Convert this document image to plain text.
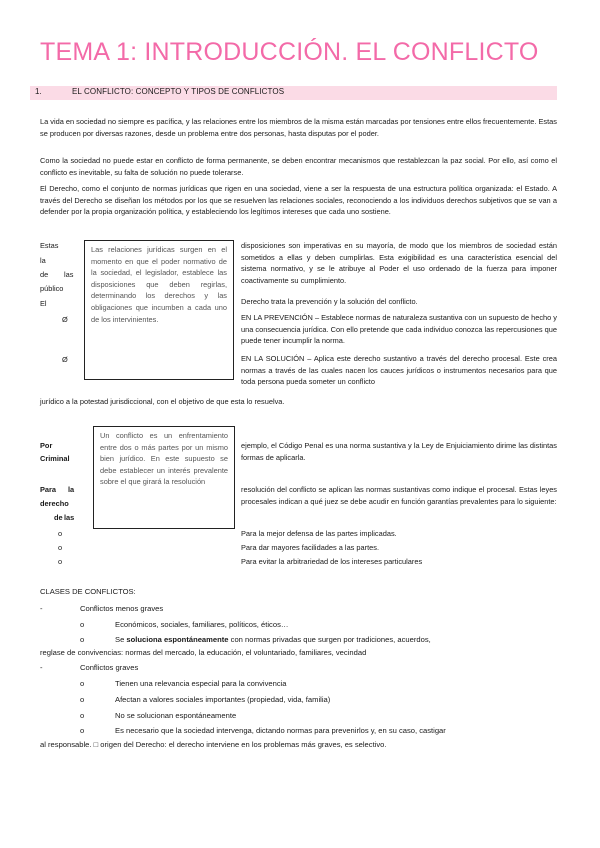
TEMA 1: INTRODUCCIÓN. EL CONFLICTO
1.	EL CONFLICTO: CONCEPTO Y TIPOS DE CONFLICTOS
La vida en sociedad no siempre es pacífica, y las relaciones entre los miembros de la misma están marcadas por tensiones entre ellos frecuentemente. Estas se producen por diversas razones, desde un problema entre dos personas, hasta disputas por el poder.
Como la sociedad no puede estar en conflicto de forma permanente, se deben encontrar mecanismos que restablezcan la paz social. Por ello, así como el conflicto es inevitable, su falta de solución no puede tolerarse.
El Derecho, como el conjunto de normas jurídicas que rigen en una sociedad, viene a ser la respuesta de una estructura política organizada: el Estado. A través del Derecho se diseñan los métodos por los que se resuelven las relaciones sociales, reconociendo a los individuos derechos subjetivos que se van a defender por la propia organización política, y estableciendo los legítimos intereses que cada uno sostiene.
Estas
la
de las
público
El
Ø
Ø
Las relaciones jurídicas surgen en el momento en que el poder normativo de la sociedad, el legislador, establece las disposiciones que deben regirlas, determinando los derechos y las obligaciones que incumben a cada uno de los intervinientes.
disposiciones son imperativas en su mayoría, de modo que los miembros de sociedad están sometidos a ellas y deben cumplirlas. Esta exigibilidad es una característica esencial del sistema normativo, y se le atribuye al Poder el uso ordenado de la fuerza para imponer coactivamente su cumplimiento.
Derecho trata la prevención y la solución del conflicto.
EN LA PREVENCIÓN – Establece normas de naturaleza sustantiva con un supuesto de hecho y una consecuencia jurídica. Con ello pretende que cada individuo conozca las repercusiones que puede tener incumplir la norma.
EN LA SOLUCIÓN – Aplica este derecho sustantivo a través del derecho procesal. Este crea normas a través de las cuales nacen los cauces jurídicos o instrumentos necesarios para que toda persona pueda someter un conflicto
jurídico a la potestad jurisdiccional, con el objetivo de que esta lo resuelva.
Un conflicto es un enfrentamiento entre dos o más partes por un mismo bien jurídico. En este supuesto se debe establecer un interés prevalente sobre el que girará la resolución
Por
Criminal
ejemplo, el Código Penal es una norma sustantiva y la Ley de Enjuiciamiento dirime las distintas formas de aplicarla.
Para la
derecho
de las
resolución del conflicto se aplican las normas sustantivas como indique el procesal. Estas leyes procesales indican a qué juez se debe acudir en función garantías prevalentes para lo siguiente:
o	Para la mejor defensa de las partes implicadas.
o	Para dar mayores facilidades a las partes.
o	Para evitar la arbitrariedad de los intereses particulares
CLASES DE CONFLICTOS:
-	Conflictos menos graves
o	Económicos, sociales, familiares, políticos, éticos…
o	Se soluciona espontáneamente con normas privadas que surgen por tradiciones, acuerdos,
reglase de convivencias: normas del mercado, la educación, el voluntariado, familiares, vecindad
-	Conflictos graves
o	Tienen una relevancia especial para la convivencia
o	Afectan a valores sociales importantes (propiedad, vida, familia)
o	No se solucionan espontáneamente
o	Es necesario que la sociedad intervenga, dictando normas para prevenirlos y, en su caso, castigar
al responsable. □ origen del Derecho: el derecho interviene en los problemas más graves, es selectivo.
